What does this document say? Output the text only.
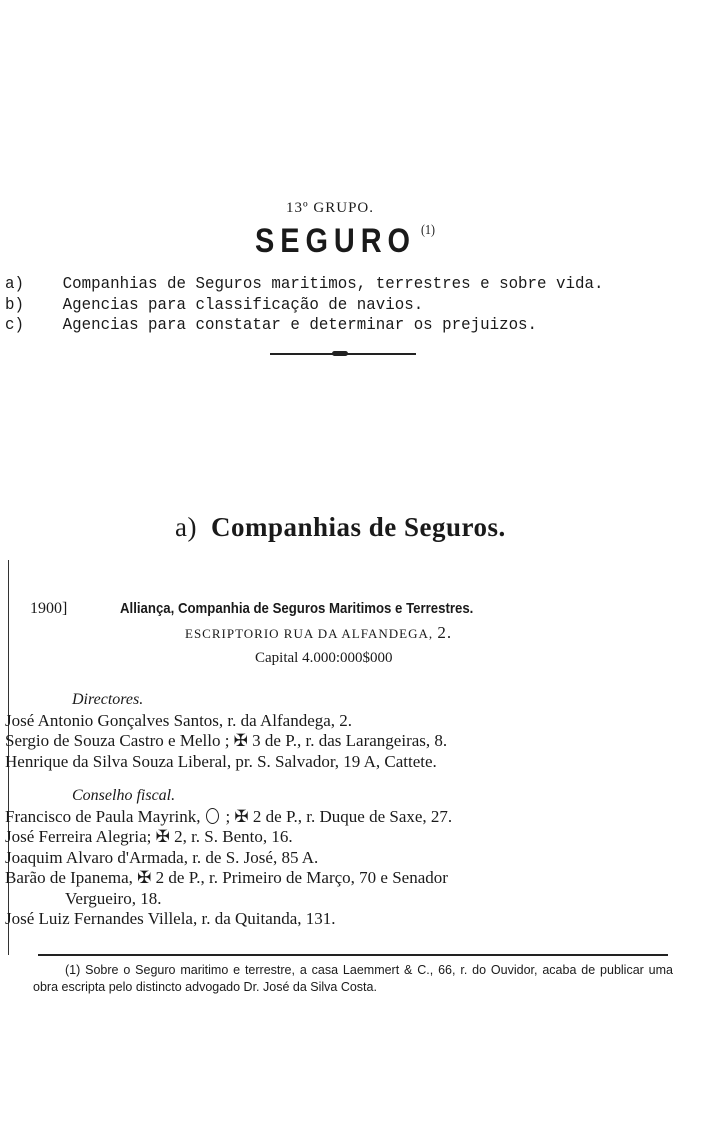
13º GRUPO.
SEGURO $^{(1)}$
a)	Companhias de Seguros maritimos, terrestres e sobre vida.
b)	Agencias para classificação de navios.
c)	Agencias para constatar e determinar os prejuizos.
a) Companhias de Seguros.
1900]	Alliança, Companhia de Seguros Maritimos e Terrestres.
ESCRIPTORIO RUA DA ALFANDEGA, 2.
Capital 4.000:000$000
Directores.
José Antonio Gonçalves Santos, r. da Alfandega, 2.
Sergio de Souza Castro e Mello ; ✠ 3 de P., r. das Larangeiras, 8.
Henrique da Silva Souza Liberal, pr. S. Salvador, 19 A, Cattete.
Conselho fiscal.
Francisco de Paula Mayrink, ; ✠ 2 de P., r. Duque de Saxe, 27.
José Ferreira Alegria; ✠ 2, r. S. Bento, 16.
Joaquim Alvaro d'Armada, r. de S. José, 85 A.
Barão de Ipanema, ✠ 2 de P., r. Primeiro de Março, 70 e Senador
Vergueiro, 18.
José Luiz Fernandes Villela, r. da Quitanda, 131.
(1) Sobre o Seguro maritimo e terrestre, a casa Laemmert & C., 66, r. do Ouvidor, acaba de publicar uma obra escripta pelo distincto advogado Dr. José da Silva Costa.
